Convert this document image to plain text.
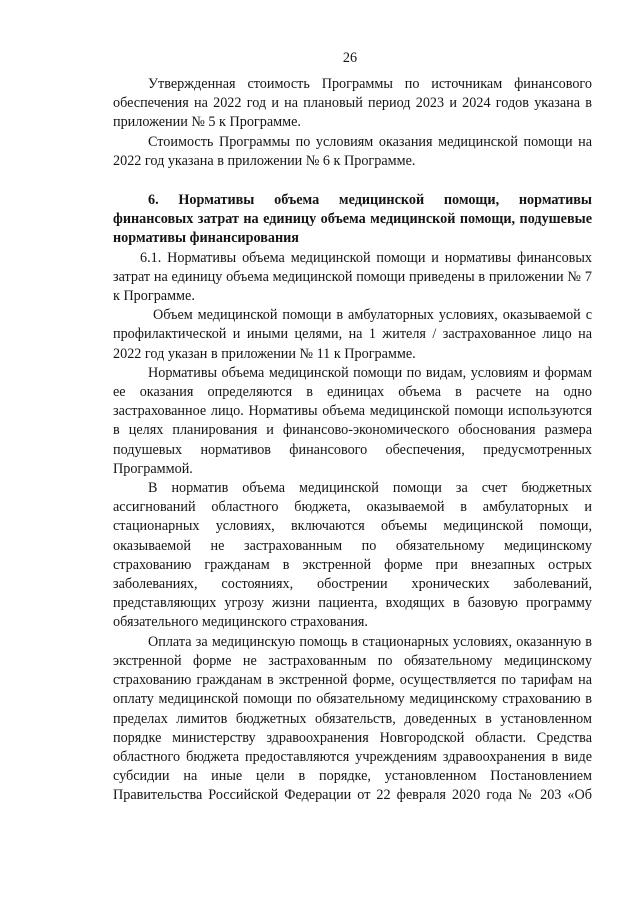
26

Утвержденная стоимость Программы по источникам финансового обеспечения на 2022 год и на плановый период 2023 и 2024 годов указана в приложении № 5 к Программе.

Стоимость Программы по условиям оказания медицинской помощи на 2022 год указана в приложении № 6 к Программе.

6. Нормативы объема медицинской помощи, нормативы финансовых затрат на единицу объема медицинской помощи, подушевые нормативы финансирования

6.1. Нормативы объема медицинской помощи и нормативы финансовых затрат на единицу объема медицинской помощи приведены в приложении № 7 к Программе.

Объем медицинской помощи в амбулаторных условиях, оказываемой с профилактической и иными целями, на 1 жителя / застрахованное лицо на 2022 год указан в приложении № 11 к Программе.

Нормативы объема медицинской помощи по видам, условиям и формам ее оказания определяются в единицах объема в расчете на одно застрахованное лицо. Нормативы объема медицинской помощи используются в целях планирования и финансово-экономического обоснования размера подушевых нормативов финансового обеспечения, предусмотренных Программой.

В норматив объема медицинской помощи за счет бюджетных ассигнований областного бюджета, оказываемой в амбулаторных и стационарных условиях, включаются объемы медицинской помощи, оказываемой не застрахованным по обязательному медицинскому страхованию гражданам в экстренной форме при внезапных острых заболеваниях, состояниях, обострении хронических заболеваний, представляющих угрозу жизни пациента, входящих в базовую программу обязательного медицинского страхования.

Оплата за медицинскую помощь в стационарных условиях, оказанную в экстренной форме не застрахованным по обязательному медицинскому страхованию гражданам в экстренной форме, осуществляется по тарифам на оплату медицинской помощи по обязательному медицинскому страхованию в пределах лимитов бюджетных обязательств, доведенных в установленном порядке министерству здравоохранения Новгородской области. Средства областного бюджета предоставляются учреждениям здравоохранения в виде субсидии на иные цели в порядке, установленном Постановлением Правительства Российской Федерации от 22 февраля 2020 года № 203 «Об
